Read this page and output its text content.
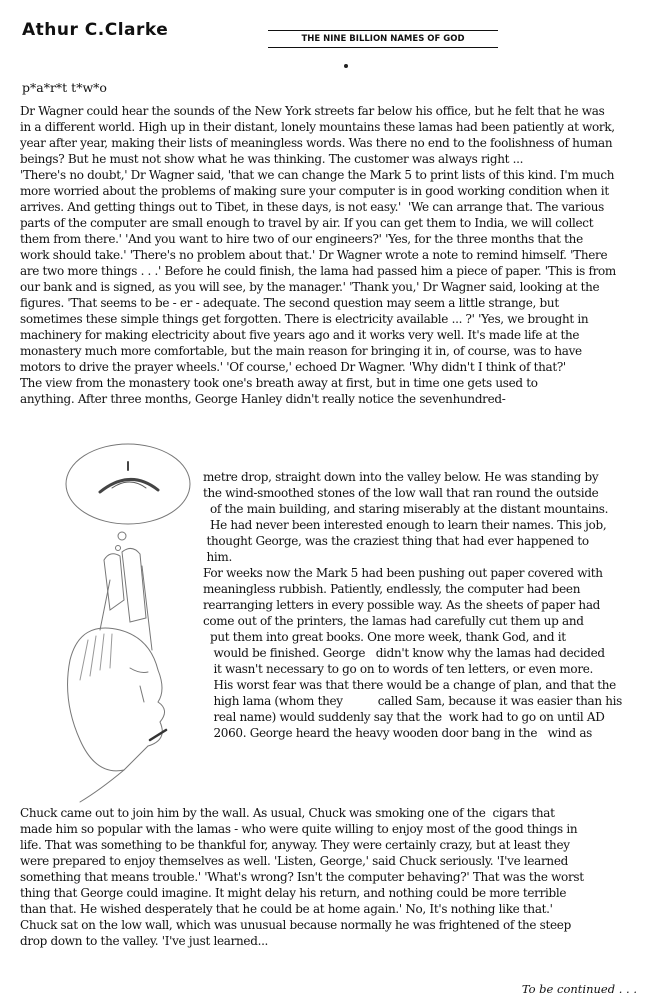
Athur C.Clarke	THE NINE BILLION NAMES OF GOD
p*a*r*t t*w*o
Dr Wagner could hear the sounds of the New York streets far below his office, but he felt that he was
in a different world. High up in their distant, lonely mountains these lamas had been patiently at work,
year after year, making their lists of meaningless words. Was there no end to the foolishness of human
beings? But he must not show what he was thinking. The customer was always right ...
'There's no doubt,' Dr Wagner said, 'that we can change the Mark 5 to print lists of this kind. I'm much
more worried about the problems of making sure your computer is in good working condition when it
arrives. And getting things out to Tibet, in these days, is not easy.'  'We can arrange that. The various
parts of the computer are small enough to travel by air. If you can get them to India, we will collect
them from there.' 'And you want to hire two of our engineers?' 'Yes, for the three months that the
work should take.' 'There's no problem about that.' Dr Wagner wrote a note to remind himself. 'There
are two more things . . .' Before he could finish, the lama had passed him a piece of paper. 'This is from
our bank and is signed, as you will see, by the manager.' 'Thank you,' Dr Wagner said, looking at the
figures. 'That seems to be - er - adequate. The second question may seem a little strange, but
sometimes these simple things get forgotten. There is electricity available ... ?' 'Yes, we brought in
machinery for making electricity about five years ago and it works very well. It's made life at the
monastery much more comfortable, but the main reason for bringing it in, of course, was to have
motors to drive the prayer wheels.' 'Of course,' echoed Dr Wagner. 'Why didn't I think of that?'
The view from the monastery took one's breath away at first, but in time one gets used to
anything. After three months, George Hanley didn't really notice the sevenhundred-
metre drop, straight down into the valley below. He was standing by
the wind-smoothed stones of the low wall that ran round the outside
of the main building, and staring miserably at the distant mountains.
He had never been interested enough to learn their names. This job,
thought George, was the craziest thing that had ever happened to
him.
For weeks now the Mark 5 had been pushing out paper covered with
meaningless rubbish. Patiently, endlessly, the computer had been
rearranging letters in every possible way. As the sheets of paper had
come out of the printers, the lamas had carefully cut them up and
put them into great books. One more week, thank God, and it
would be finished. George   didn't know why the lamas had decided
it wasn't necessary to go on to words of ten letters, or even more.
His worst fear was that there would be a change of plan, and that the
high lama (whom they          called Sam, because it was easier than his
real name) would suddenly say that the  work had to go on until AD
2060. George heard the heavy wooden door bang in the   wind as
Chuck came out to join him by the wall. As usual, Chuck was smoking one of the  cigars that
made him so popular with the lamas - who were quite willing to enjoy most of the good things in
life. That was something to be thankful for, anyway. They were certainly crazy, but at least they
were prepared to enjoy themselves as well. 'Listen, George,' said Chuck seriously. 'I've learned
something that means trouble.' 'What's wrong? Isn't the computer behaving?' That was the worst
thing that George could imagine. It might delay his return, and nothing could be more terrible
than that. He wished desperately that he could be at home again.' No, It's nothing like that.'
Chuck sat on the low wall, which was unusual because normally he was frightened of the steep
drop down to the valley. 'I've just learned...
To be continued . . .
